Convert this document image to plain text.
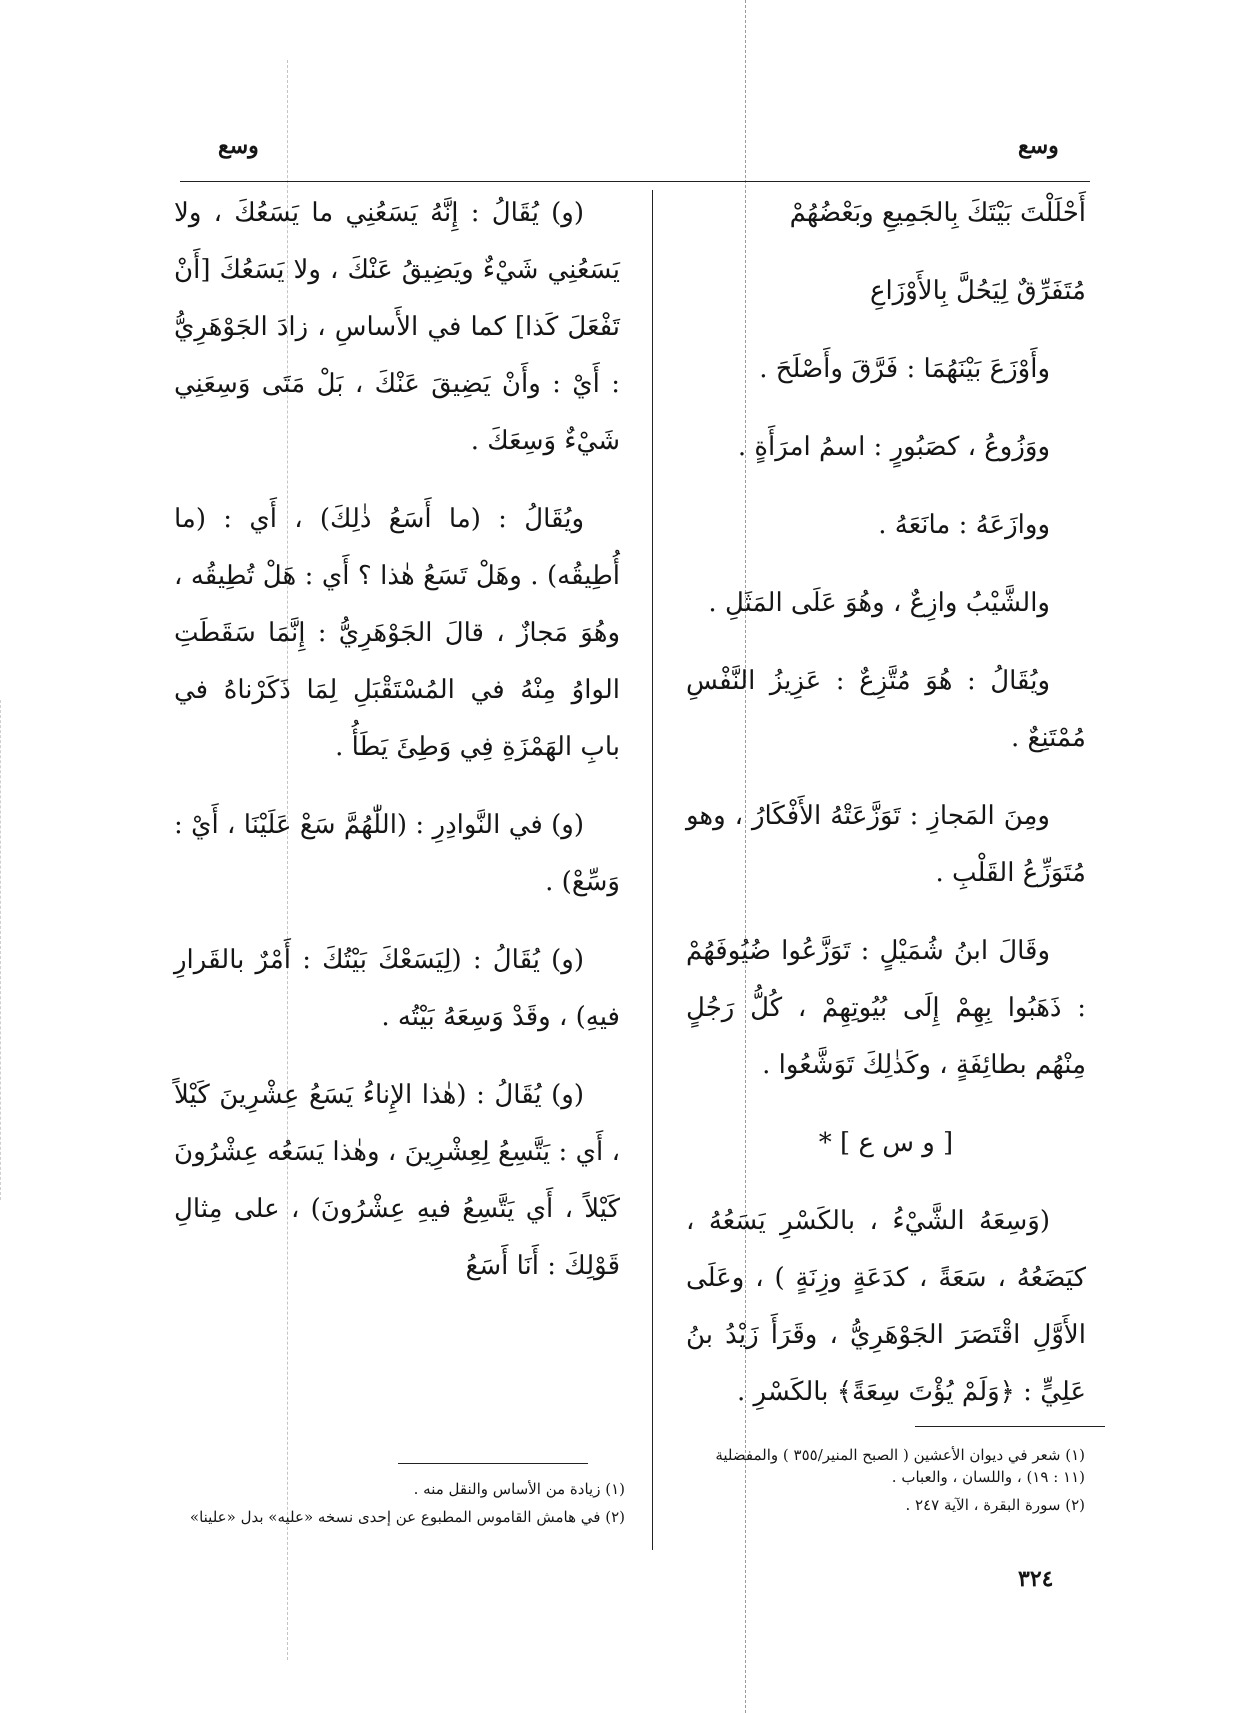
وسع	وسع

أَحْلَلْتَ بَيْتَكَ بِالجَمِيعِ وبَعْضُهُمْ

مُتَفَرِّقٌ لِيَحُلَّ بِالأَوْزَاعِ

وأَوْزَعَ بَيْنَهُمَا : فَرَّقَ وأَصْلَحَ .

ووَزُوعُ ، كصَبُورٍ : اسمُ امرَأَةٍ .

ووازَعَهُ : مانَعَهُ .

والشَّيْبُ وازِعٌ ، وهُوَ عَلَى المَثَلِ .

ويُقَالُ : هُوَ مُتَّزِعٌ : عَزِيزُ النَّفْسِ مُمْتَنِعٌ .

ومِنَ المَجازِ : تَوَزَّعَتْهُ الأَفْكَارُ ، وهو مُتَوَزِّعُ القَلْبِ .

وقَالَ ابنُ شُمَيْلٍ : تَوَزَّعُوا ضُيُوفَهُمْ : ذَهَبُوا بِهِمْ إِلَى بُيُوتِهِمْ ، كُلُّ رَجُلٍ مِنْهُم بطائِفَةٍ ، وكَذٰلِكَ تَوَشَّعُوا .

[ و س ع ] *

(وَسِعَهُ الشَّيْءُ ، بالكَسْرِ يَسَعُهُ ، كيَضَعُهُ ، سَعَةً ، كدَعَةٍ وزِنَةٍ ) ، وعَلَى الأَوَّلِ اقْتَصَرَ الجَوْهَرِيُّ ، وقَرَأَ زَيْدُ بنُ عَلِيٍّ : ﴿وَلَمْ يُؤْتَ سِعَةً﴾ بالكَسْرِ .

(و) يُقَالُ : إِنَّهُ يَسَعُنِي ما يَسَعُكَ ، ولا يَسَعُنِي شَيْءٌ ويَضِيقُ عَنْكَ ، ولا يَسَعُكَ [أَنْ تَفْعَلَ كَذا] كما في الأَساسِ ، زادَ الجَوْهَرِيُّ : أَيْ : وأَنْ يَضِيقَ عَنْكَ ، بَلْ مَتَى وَسِعَنِي شَيْءٌ وَسِعَكَ .

ويُقَالُ : (ما أَسَعُ ذٰلِكَ) ، أَي : (ما أُطِيقُه) . وهَلْ تَسَعُ هٰذا ؟ أَي : هَلْ تُطِيقُه ، وهُوَ مَجازٌ ، قالَ الجَوْهَرِيُّ : إِنَّمَا سَقَطَتِ الواوُ مِنْهُ في المُسْتَقْبَلِ لِمَا ذَكَرْناهُ في بابِ الهَمْزَةِ فِي وَطِئَ يَطَأُ .

(و) في النَّوادِرِ : (اللّٰهُمَّ سَعْ عَلَيْنَا ، أَيْ : وَسِّعْ) .

(و) يُقَالُ : (لِيَسَعْكَ بَيْتُكَ : أَمْرٌ بالقَرارِ فيهِ) ، وقَدْ وَسِعَهُ بَيْتُه .

(و) يُقَالُ : (هٰذا الإِناءُ يَسَعُ عِشْرِينَ كَيْلاً ، أَي : يَتَّسِعُ لِعِشْرِينَ ، وهٰذا يَسَعُه عِشْرُونَ كَيْلاً ، أَي يَتَّسِعُ فيهِ عِشْرُونَ) ، على مِثالِ قَوْلِكَ : أَنَا أَسَعُ

(١) زيادة من الأساس والنقل منه .
(٢) في هامش القاموس المطبوع عن إحدى نسخه «عليه» بدل «علينا»
(١) شعر في ديوان الأعشين ( الصبح المنير/٣٥٥ ) والمفضلية (١١ : ١٩) ، واللسان ، والعباب .
(٢) سورة البقرة ، الآية ٢٤٧ .
٣٢٤
